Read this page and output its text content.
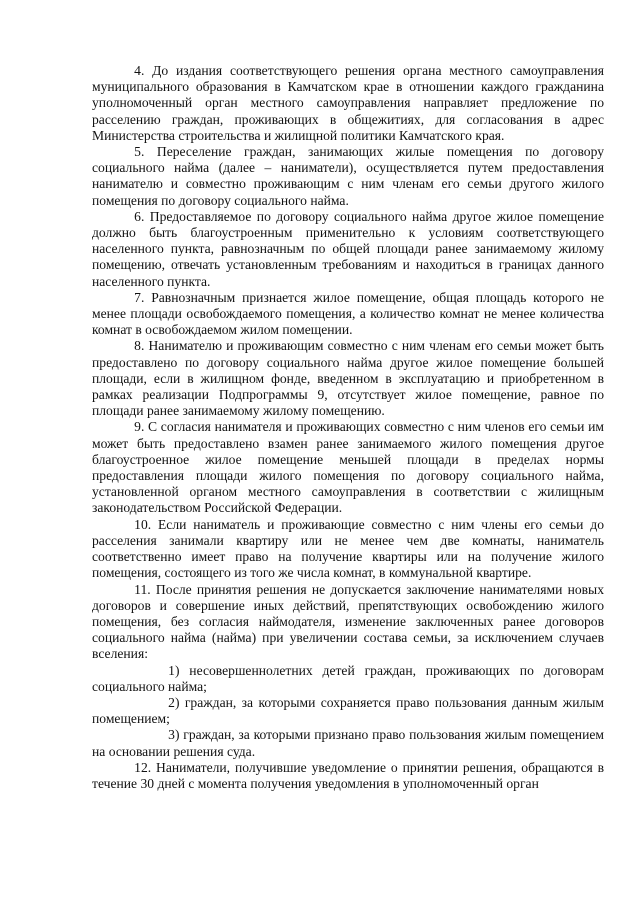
4. До издания соответствующего решения органа местного самоуправления муниципального образования в Камчатском крае в отношении каждого гражданина уполномоченный орган местного самоуправления направляет предложение по расселению граждан, проживающих в общежитиях, для согласования в адрес Министерства строительства и жилищной политики Камчатского края.

5. Переселение граждан, занимающих жилые помещения по договору социального найма (далее – наниматели), осуществляется путем предоставления нанимателю и совместно проживающим с ним членам его семьи другого жилого помещения по договору социального найма.

6. Предоставляемое по договору социального найма другое жилое помещение должно быть благоустроенным применительно к условиям соответствующего населенного пункта, равнозначным по общей площади ранее занимаемому жилому помещению, отвечать установленным требованиям и находиться в границах данного населенного пункта.

7. Равнозначным признается жилое помещение, общая площадь которого не менее площади освобождаемого помещения, а количество комнат не менее количества комнат в освобождаемом жилом помещении.

8. Нанимателю и проживающим совместно с ним членам его семьи может быть предоставлено по договору социального найма другое жилое помещение большей площади, если в жилищном фонде, введенном в эксплуатацию и приобретенном в рамках реализации Подпрограммы 9, отсутствует жилое помещение, равное по площади ранее занимаемому жилому помещению.

9. С согласия нанимателя и проживающих совместно с ним членов его семьи им может быть предоставлено взамен ранее занимаемого жилого помещения другое благоустроенное жилое помещение меньшей площади в пределах нормы предоставления площади жилого помещения по договору социального найма, установленной органом местного самоуправления в соответствии с жилищным законодательством Российской Федерации.

10. Если наниматель и проживающие совместно с ним члены его семьи до расселения занимали квартиру или не менее чем две комнаты, наниматель соответственно имеет право на получение квартиры или на получение жилого помещения, состоящего из того же числа комнат, в коммунальной квартире.

11. После принятия решения не допускается заключение нанимателями новых договоров и совершение иных действий, препятствующих освобождению жилого помещения, без согласия наймодателя, изменение заключенных ранее договоров социального найма (найма) при увеличении состава семьи, за исключением случаев вселения:

1) несовершеннолетних детей граждан, проживающих по договорам социального найма;

2) граждан, за которыми сохраняется право пользования данным жилым помещением;

3) граждан, за которыми признано право пользования жилым помещением на основании решения суда.

12. Наниматели, получившие уведомление о принятии решения, обращаются в течение 30 дней с момента получения уведомления в уполномоченный орган
